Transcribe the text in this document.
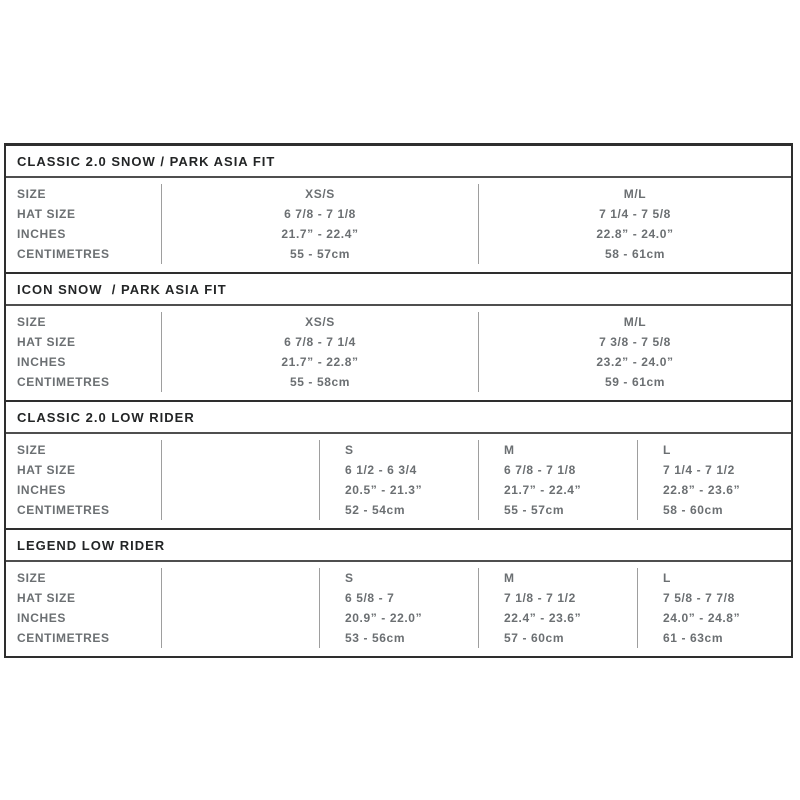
CLASSIC 2.0 SNOW / PARK ASIA FIT
SIZE
HAT SIZE
INCHES
CENTIMETRES
XS/S
6 7/8 - 7 1/8
21.7” - 22.4”
55 - 57cm
M/L
7 1/4 - 7 5/8
22.8” - 24.0”
58 - 61cm
ICON SNOW  / PARK ASIA FIT
SIZE
HAT SIZE
INCHES
CENTIMETRES
XS/S
6 7/8 - 7 1/4
21.7” - 22.8”
55 - 58cm
M/L
7 3/8 - 7 5/8
23.2” - 24.0”
59 - 61cm
CLASSIC 2.0 LOW RIDER
SIZE
HAT SIZE
INCHES
CENTIMETRES
S
6 1/2 - 6 3/4
20.5” - 21.3”
52 - 54cm
M
6 7/8 - 7 1/8
21.7” - 22.4”
55 - 57cm
L
7 1/4 - 7 1/2
22.8” - 23.6”
58 - 60cm
LEGEND LOW RIDER
SIZE
HAT SIZE
INCHES
CENTIMETRES
S
6 5/8 - 7
20.9” - 22.0”
53 - 56cm
M
7 1/8 - 7 1/2
22.4” - 23.6”
57 - 60cm
L
7 5/8 - 7 7/8
24.0” - 24.8”
61 - 63cm
